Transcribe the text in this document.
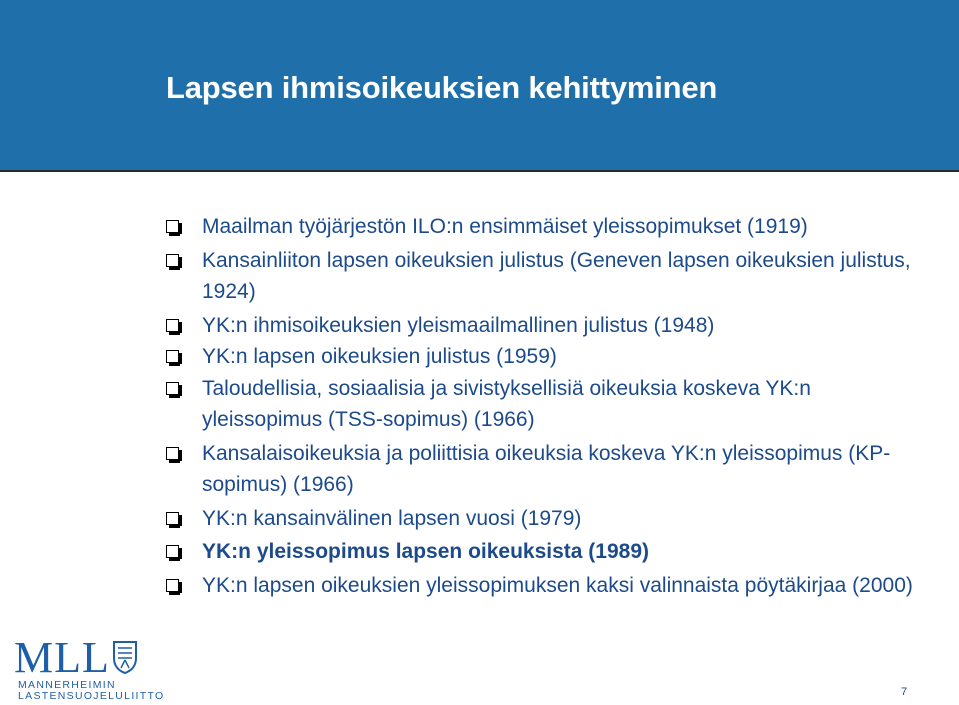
Lapsen ihmisoikeuksien kehittyminen
Maailman työjärjestön ILO:n ensimmäiset yleissopimukset (1919)
Kansainliiton lapsen oikeuksien julistus (Geneven lapsen oikeuksien julistus, 1924)
YK:n ihmisoikeuksien yleismaailmallinen julistus (1948)
YK:n lapsen oikeuksien julistus (1959)
Taloudellisia, sosiaalisia ja sivistyksellisiä oikeuksia koskeva YK:n yleissopimus (TSS-sopimus) (1966)
Kansalaisoikeuksia ja poliittisia oikeuksia koskeva YK:n yleissopimus (KP-sopimus) (1966)
YK:n kansainvälinen lapsen vuosi (1979)
YK:n yleissopimus lapsen oikeuksista (1989)
YK:n lapsen oikeuksien yleissopimuksen kaksi valinnaista pöytäkirjaa (2000)
MLL
MANNERHEIMIN
LASTENSUOJELULIITTO	7
